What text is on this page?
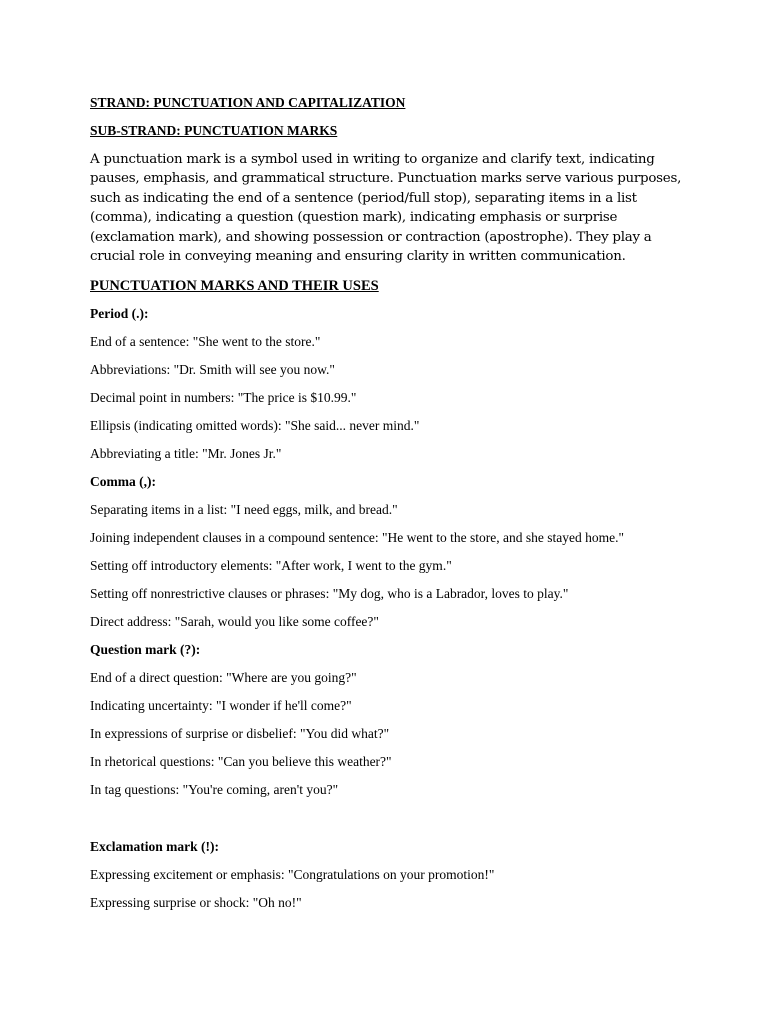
STRAND: PUNCTUATION AND CAPITALIZATION
SUB-STRAND: PUNCTUATION MARKS
A punctuation mark is a symbol used in writing to organize and clarify text, indicating pauses, emphasis, and grammatical structure. Punctuation marks serve various purposes, such as indicating the end of a sentence (period/full stop), separating items in a list (comma), indicating a question (question mark), indicating emphasis or surprise (exclamation mark), and showing possession or contraction (apostrophe). They play a crucial role in conveying meaning and ensuring clarity in written communication.
PUNCTUATION MARKS AND THEIR USES
Period (.):
End of a sentence: "She went to the store."
Abbreviations: "Dr. Smith will see you now."
Decimal point in numbers: "The price is $10.99."
Ellipsis (indicating omitted words): "She said... never mind."
Abbreviating a title: "Mr. Jones Jr."
Comma (,):
Separating items in a list: "I need eggs, milk, and bread."
Joining independent clauses in a compound sentence: "He went to the store, and she stayed home."
Setting off introductory elements: "After work, I went to the gym."
Setting off nonrestrictive clauses or phrases: "My dog, who is a Labrador, loves to play."
Direct address: "Sarah, would you like some coffee?"
Question mark (?):
End of a direct question: "Where are you going?"
Indicating uncertainty: "I wonder if he'll come?"
In expressions of surprise or disbelief: "You did what?"
In rhetorical questions: "Can you believe this weather?"
In tag questions: "You're coming, aren't you?"
Exclamation mark (!):
Expressing excitement or emphasis: "Congratulations on your promotion!"
Expressing surprise or shock: "Oh no!"
